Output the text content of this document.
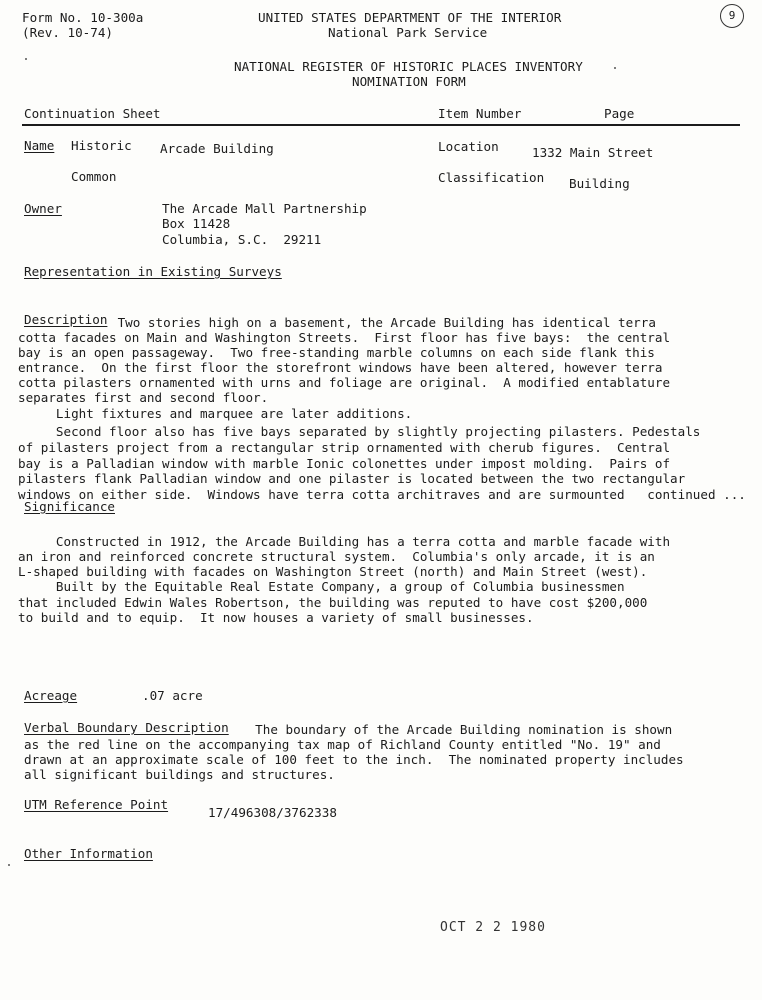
Form No. 10-300a
(Rev. 10-74)
UNITED STATES DEPARTMENT OF THE INTERIOR
National Park Service
9
NATIONAL REGISTER OF HISTORIC PLACES INVENTORY
NOMINATION FORM
Continuation Sheet	Item Number	Page
Name Historic Arcade Building	Location	1332 Main Street
Common	Classification Building
Owner	The Arcade Mall Partnership
Box 11428
Columbia, S.C.  29211
Representation in Existing Surveys
Description Two stories high on a basement, the Arcade Building has identical terra
cotta facades on Main and Washington Streets.  First floor has five bays:  the central
bay is an open passageway.  Two free-standing marble columns on each side flank this
entrance.  On the first floor the storefront windows have been altered, however terra
cotta pilasters ornamented with urns and foliage are original.  A modified entablature
separates first and second floor.
Light fixtures and marquee are later additions.
Second floor also has five bays separated by slightly projecting pilasters. Pedestals
of pilasters project from a rectangular strip ornamented with cherub figures.  Central
bay is a Palladian window with marble Ionic colonettes under impost molding.  Pairs of
pilasters flank Palladian window and one pilaster is located between the two rectangular
windows on either side.  Windows have terra cotta architraves and are surmounted   continued ...
Significance
Constructed in 1912, the Arcade Building has a terra cotta and marble facade with
an iron and reinforced concrete structural system.  Columbia's only arcade, it is an
L-shaped building with facades on Washington Street (north) and Main Street (west).
Built by the Equitable Real Estate Company, a group of Columbia businessmen
that included Edwin Wales Robertson, the building was reputed to have cost $200,000
to build and to equip.  It now houses a variety of small businesses.
Acreage	.07 acre
Verbal Boundary Description The boundary of the Arcade Building nomination is shown
as the red line on the accompanying tax map of Richland County entitled "No. 19" and
drawn at an approximate scale of 100 feet to the inch.  The nominated property includes
all significant buildings and structures.
UTM Reference Point
17/496308/3762338
Other Information
OCT 2 2 1980
